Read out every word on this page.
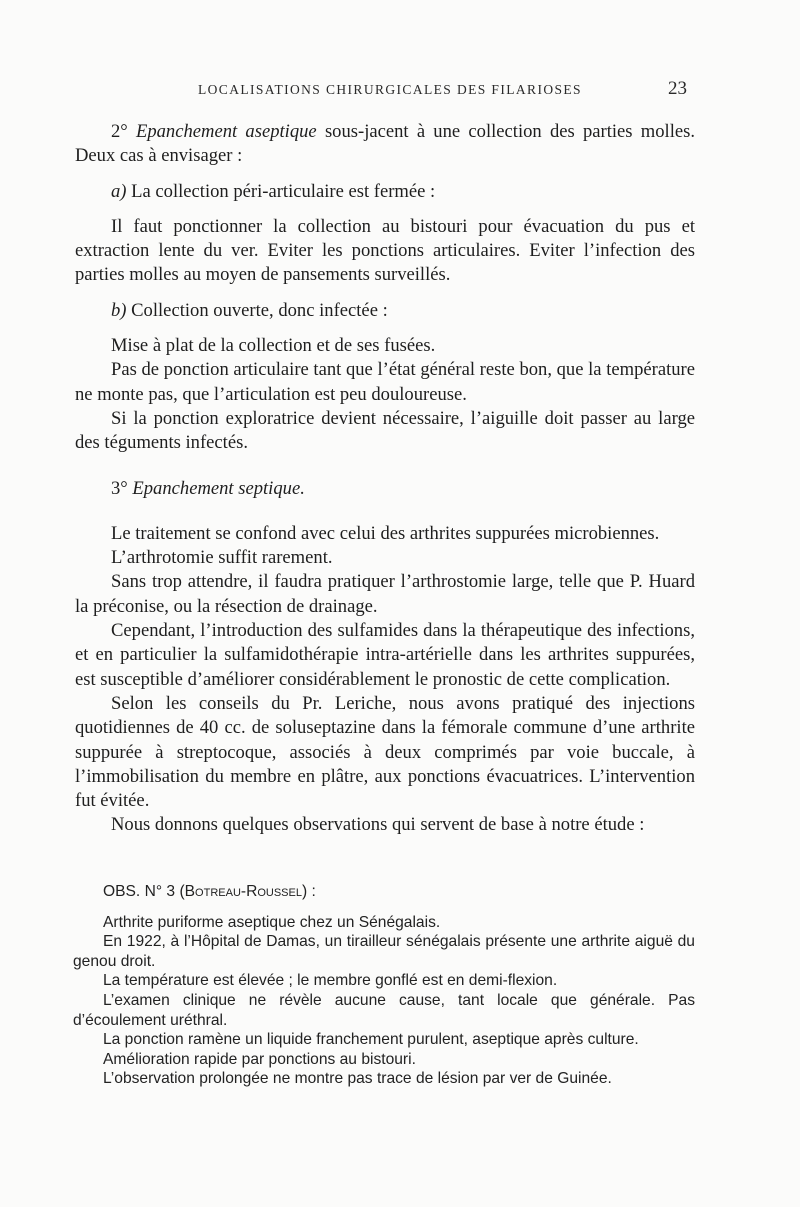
LOCALISATIONS CHIRURGICALES DES FILARIOSES	23

2° Epanchement aseptique sous-jacent à une collection des parties molles. Deux cas à envisager :

a) La collection péri-articulaire est fermée :

Il faut ponctionner la collection au bistouri pour évacuation du pus et extraction lente du ver. Eviter les ponctions articulaires. Eviter l’infection des parties molles au moyen de pansements surveillés.

b) Collection ouverte, donc infectée :

Mise à plat de la collection et de ses fusées.

Pas de ponction articulaire tant que l’état général reste bon, que la température ne monte pas, que l’articulation est peu douloureuse.

Si la ponction exploratrice devient nécessaire, l’aiguille doit passer au large des téguments infectés.

3° Epanchement septique.

Le traitement se confond avec celui des arthrites suppurées microbiennes.

L’arthrotomie suffit rarement.

Sans trop attendre, il faudra pratiquer l’arthrostomie large, telle que P. Huard la préconise, ou la résection de drainage.

Cependant, l’introduction des sulfamides dans la thérapeutique des infections, et en particulier la sulfamidothérapie intra-artérielle dans les arthrites suppurées, est susceptible d’améliorer considérablement le pronostic de cette complication.

Selon les conseils du Pr. Leriche, nous avons pratiqué des injections quotidiennes de 40 cc. de soluseptazine dans la fémorale commune d’une arthrite suppurée à streptocoque, associés à deux comprimés par voie buccale, à l’immobilisation du membre en plâtre, aux ponctions évacuatrices. L’intervention fut évitée.

Nous donnons quelques observations qui servent de base à notre étude :

OBS. N° 3 (Botreau-Roussel) :

Arthrite puriforme aseptique chez un Sénégalais.

En 1922, à l’Hôpital de Damas, un tirailleur sénégalais présente une arthrite aiguë du genou droit.

La température est élevée ; le membre gonflé est en demi-flexion.

L’examen clinique ne révèle aucune cause, tant locale que générale. Pas d’écoulement uréthral.

La ponction ramène un liquide franchement purulent, aseptique après culture.

Amélioration rapide par ponctions au bistouri.

L’observation prolongée ne montre pas trace de lésion par ver de Guinée.
